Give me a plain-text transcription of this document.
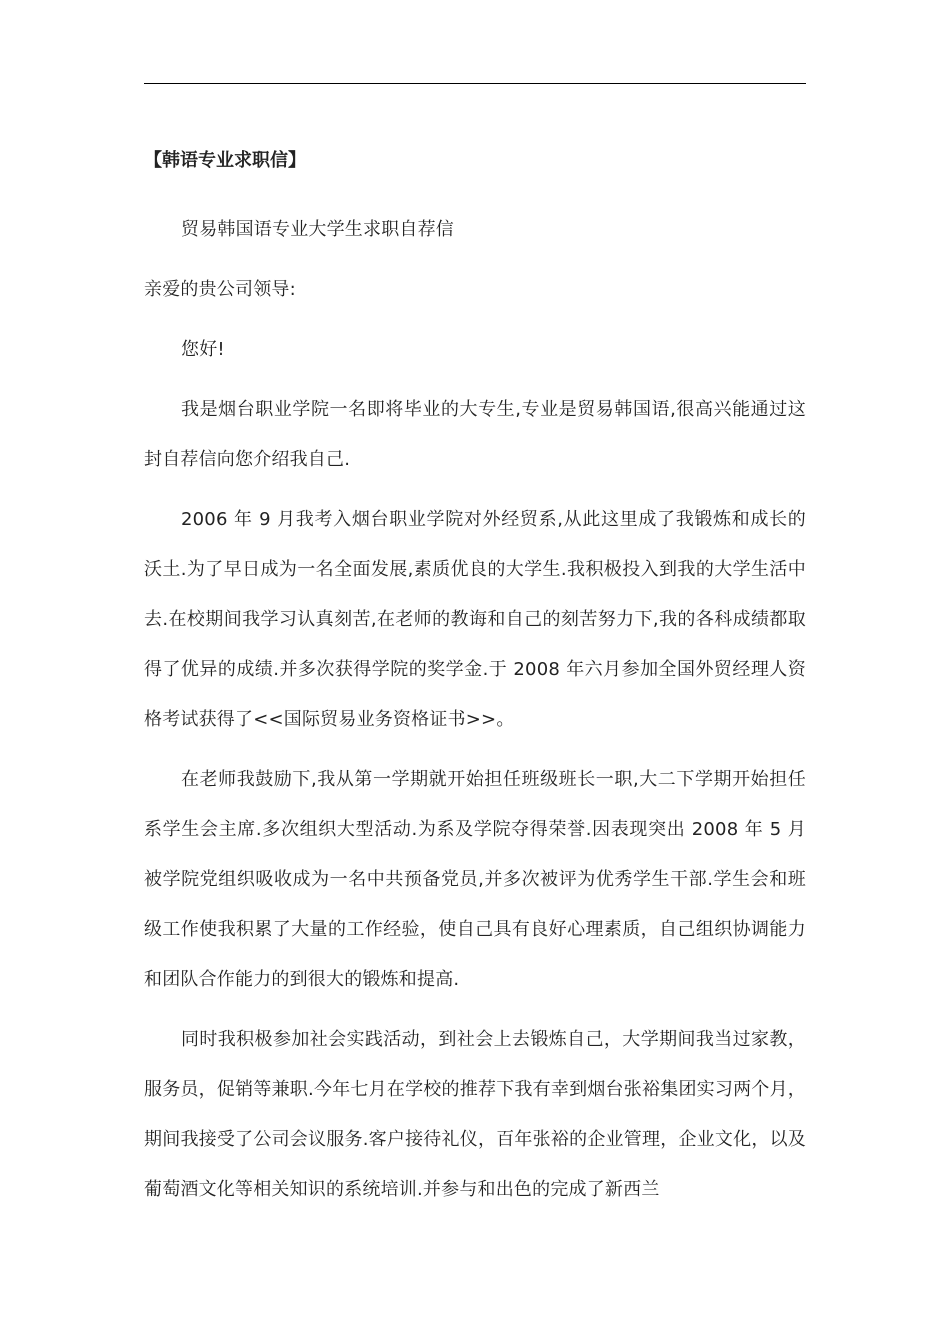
【韩语专业求职信】
贸易韩国语专业大学生求职自荐信
亲爱的贵公司领导:
您好!
我是烟台职业学院一名即将毕业的大专生,专业是贸易韩国语,很高兴能通过这封自荐信向您介绍我自己.
2006 年 9 月我考入烟台职业学院对外经贸系,从此这里成了我锻炼和成长的沃土.为了早日成为一名全面发展,素质优良的大学生.我积极投入到我的大学生活中去.在校期间我学习认真刻苦,在老师的教诲和自己的刻苦努力下,我的各科成绩都取得了优异的成绩.并多次获得学院的奖学金.于 2008 年六月参加全国外贸经理人资格考试获得了<<国际贸易业务资格证书>>。
在老师我鼓励下,我从第一学期就开始担任班级班长一职,大二下学期开始担任系学生会主席.多次组织大型活动.为系及学院夺得荣誉.因表现突出 2008 年 5 月被学院党组织吸收成为一名中共预备党员,并多次被评为优秀学生干部.学生会和班级工作使我积累了大量的工作经验，使自己具有良好心理素质，自己组织协调能力和团队合作能力的到很大的锻炼和提高.
同时我积极参加社会实践活动，到社会上去锻炼自己，大学期间我当过家教，服务员，促销等兼职.今年七月在学校的推荐下我有幸到烟台张裕集团实习两个月，期间我接受了公司会议服务.客户接待礼仪，百年张裕的企业管理，企业文化，以及葡萄酒文化等相关知识的系统培训.并参与和出色的完成了新西兰
